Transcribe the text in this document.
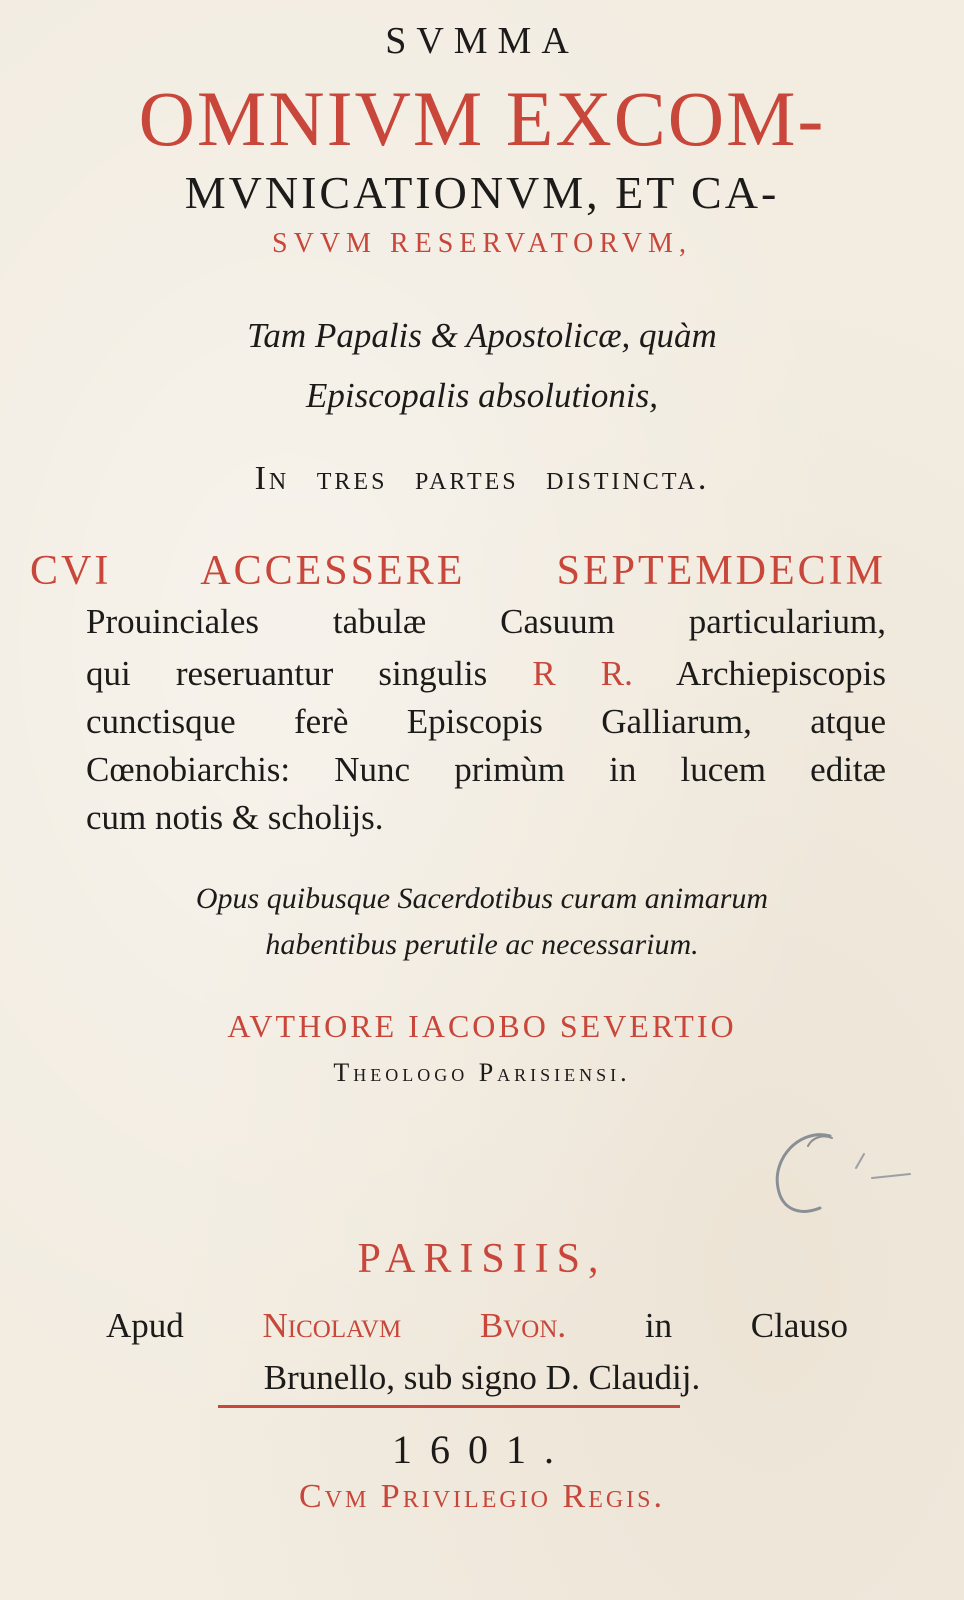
SVMMA

OMNIVM EXCOM-

MVNICATIONVM, ET CA-

SVVM RESERVATORVM,

Tam Papalis & Apostolicæ, quàm

Episcopalis absolutionis,

In tres partes distincta.

CVI ACCESSERE SEPTEMDECIM

Prouinciales tabulæ Casuum particularium,

qui reseruantur singulis R R. Archiepiscopis

cunctisque ferè Episcopis Galliarum, atque

Cœnobiarchis: Nunc primùm in lucem editæ

cum notis & scholijs.

Opus quibusque Sacerdotibus curam animarum

habentibus perutile ac necessarium.

AVTHORE IACOBO SEVERTIO

Theologo Parisiensi.

PARISIIS,

Apud Nicolavm Bvon. in Clauso

Brunello, sub signo D. Claudij.

1601.

Cvm Privilegio Regis.
